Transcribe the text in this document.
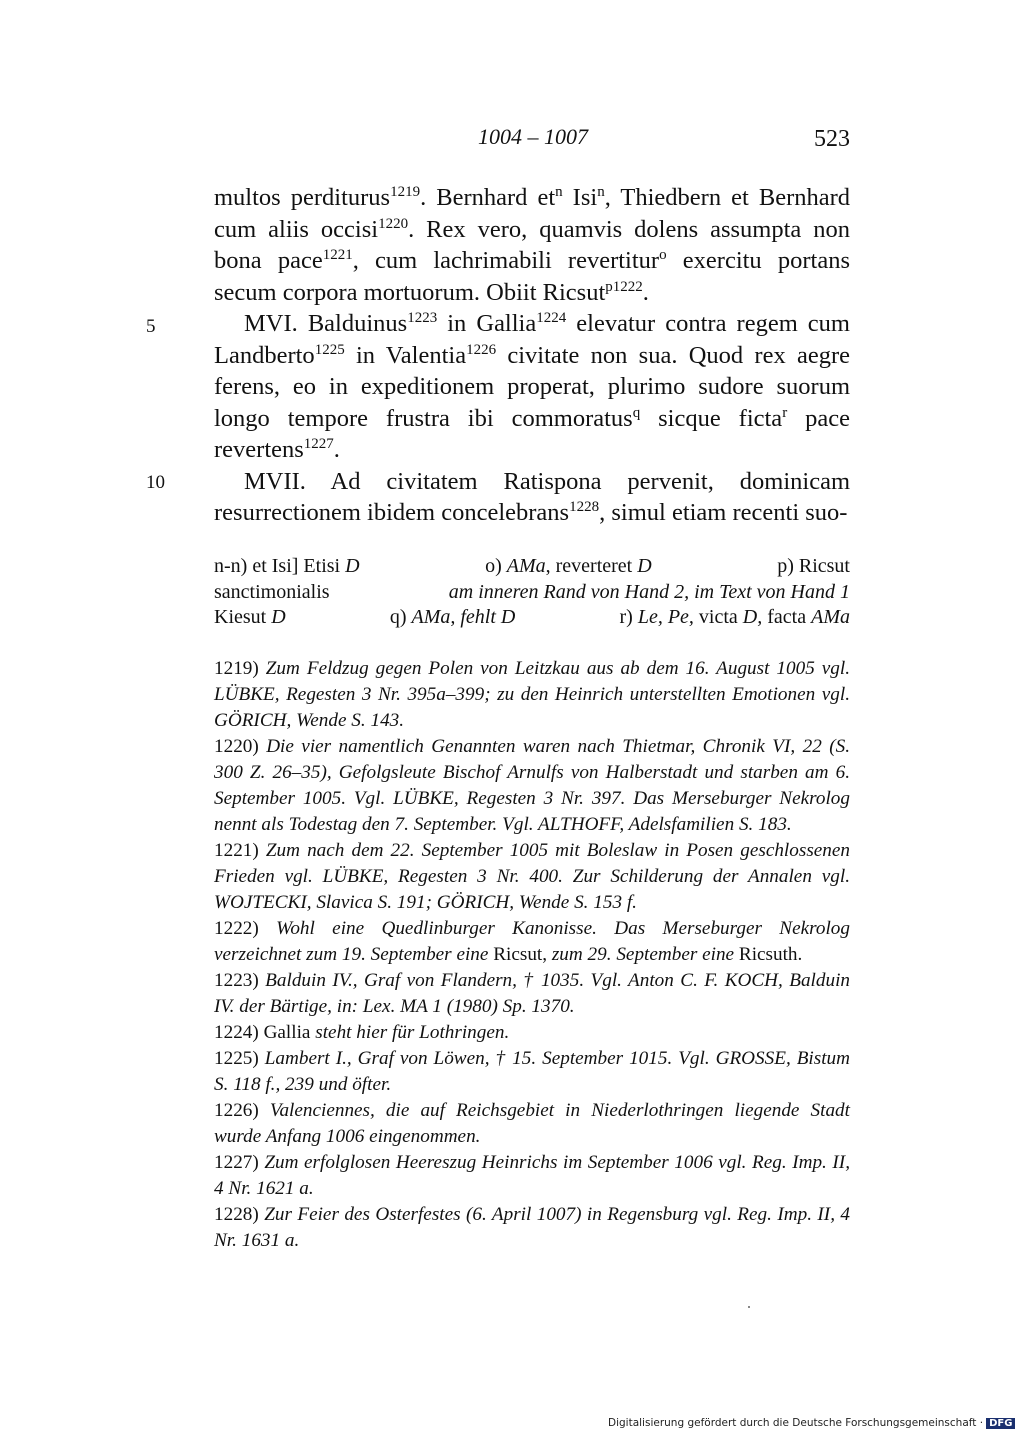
1004 – 1007	523
5
10

multos perditurus$^{1219}$. Bernhard $et^n$ Isi$^n$, Thiedbern et Bernhard cum aliis occisi$^{1220}$. Rex vero, quamvis dolens assumpta non bona pace$^{1221}$, cum lachrimabili revertitur$^o$ exercitu portans secum corpora mortuorum. Obiit Ricsut$^{p1222}$.

MVI. Balduinus$^{1223}$ in Gallia$^{1224}$ elevatur contra regem cum Landberto$^{1225}$ in Valentia$^{1226}$ civitate non sua. Quod rex aegre ferens, eo in expeditionem properat, plurimo sudore suorum longo tempore frustra ibi commoratus$^q$ sicque ficta$^r$ pace revertens$^{1227}$.

MVII. Ad civitatem Ratispona pervenit, dominicam resurrectionem ibidem concelebrans$^{1228}$, simul etiam recenti suo-

n-n) et Isi] Etisi D	o) AMa, reverteret D	p) Ricsut
sanctimonialis	am inneren Rand von Hand 2, im Text von Hand 1
Kiesut D	q) AMa, fehlt D	r) Le, Pe, victa D, facta AMa
1219) Zum Feldzug gegen Polen von Leitzkau aus ab dem 16. August 1005 vgl. LÜBKE, Regesten 3 Nr. 395a–399; zu den Heinrich unterstellten Emotionen vgl. GÖRICH, Wende S. 143.
1220) Die vier namentlich Genannten waren nach Thietmar, Chronik VI, 22 (S. 300 Z. 26–35), Gefolgsleute Bischof Arnulfs von Halberstadt und starben am 6. September 1005. Vgl. LÜBKE, Regesten 3 Nr. 397. Das Merseburger Nekrolog nennt als Todestag den 7. September. Vgl. ALTHOFF, Adelsfamilien S. 183.
1221) Zum nach dem 22. September 1005 mit Boleslaw in Posen geschlossenen Frieden vgl. LÜBKE, Regesten 3 Nr. 400. Zur Schilderung der Annalen vgl. WOJTECKI, Slavica S. 191; GÖRICH, Wende S. 153 f.
1222) Wohl eine Quedlinburger Kanonisse. Das Merseburger Nekrolog verzeichnet zum 19. September eine Ricsut, zum 29. September eine Ricsuth.
1223) Balduin IV., Graf von Flandern, † 1035. Vgl. Anton C. F. KOCH, Balduin IV. der Bärtige, in: Lex. MA 1 (1980) Sp. 1370.
1224) Gallia steht hier für Lothringen.
1225) Lambert I., Graf von Löwen, † 15. September 1015. Vgl. GROSSE, Bistum S. 118 f., 239 und öfter.
1226) Valenciennes, die auf Reichsgebiet in Niederlothringen liegende Stadt wurde Anfang 1006 eingenommen.
1227) Zum erfolglosen Heereszug Heinrichs im September 1006 vgl. Reg. Imp. II, 4 Nr. 1621 a.
1228) Zur Feier des Osterfestes (6. April 1007) in Regensburg vgl. Reg. Imp. II, 4 Nr. 1631 a.
Digitalisierung gefördert durch die Deutsche Forschungsgemeinschaft · DFG
